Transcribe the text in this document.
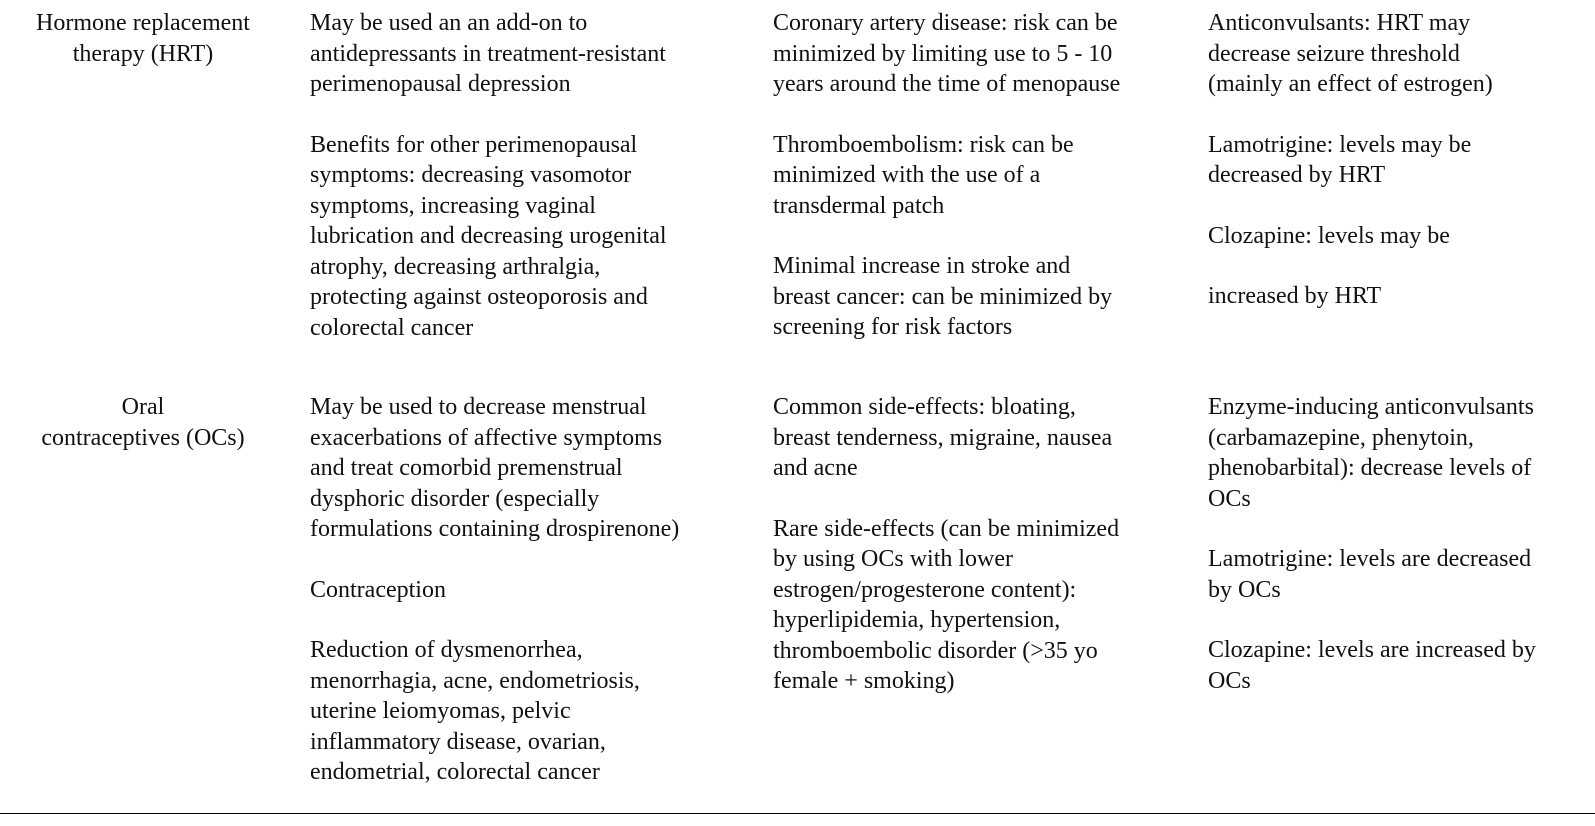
Hormone replacement
therapy (HRT)
May be used an an add-on to
antidepressants in treatment-resistant
perimenopausal depression
Benefits for other perimenopausal
symptoms: decreasing vasomotor
symptoms, increasing vaginal
lubrication and decreasing urogenital
atrophy, decreasing arthralgia,
protecting against osteoporosis and
colorectal cancer
Coronary artery disease: risk can be
minimized by limiting use to 5 - 10
years around the time of menopause
Thromboembolism: risk can be
minimized with the use of a
transdermal patch
Minimal increase in stroke and
breast cancer: can be minimized by
screening for risk factors
Anticonvulsants: HRT may
decrease seizure threshold
(mainly an effect of estrogen)
Lamotrigine: levels may be
decreased by HRT
Clozapine: levels may be
increased by HRT
Oral
contraceptives (OCs)
May be used to decrease menstrual
exacerbations of affective symptoms
and treat comorbid premenstrual
dysphoric disorder (especially
formulations containing drospirenone)
Contraception
Reduction of dysmenorrhea,
menorrhagia, acne, endometriosis,
uterine leiomyomas, pelvic
inflammatory disease, ovarian,
endometrial, colorectal cancer
Common side-effects: bloating,
breast tenderness, migraine, nausea
and acne
Rare side-effects (can be minimized
by using OCs with lower
estrogen/progesterone content):
hyperlipidemia, hypertension,
thromboembolic disorder (>35 yo
female + smoking)
Enzyme-inducing anticonvulsants
(carbamazepine, phenytoin,
phenobarbital): decrease levels of
OCs
Lamotrigine: levels are decreased
by OCs
Clozapine: levels are increased by
OCs
